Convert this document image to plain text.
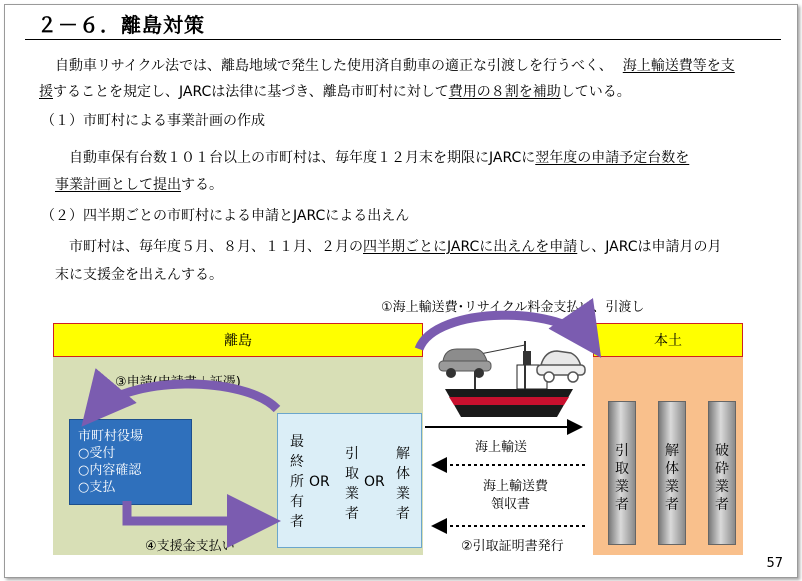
２－６．離島対策
自動車リサイクル法では、離島地域で発生した使用済自動車の適正な引渡しを行うべく、 海上輸送費等を支
援することを規定し、JARCは法律に基づき、離島市町村に対して費用の８割を補助している。
（１）市町村による事業計画の作成
自動車保有台数１０１台以上の市町村は、毎年度１２月末を期限にJARCに翌年度の申請予定台数を
事業計画として提出する。
（２）四半期ごとの市町村による申請とJARCによる出えん
市町村は、毎年度５月、８月、１１月、２月の四半期ごとにJARCに出えんを申請し、JARCは申請月の月
末に支援金を出えんする。
①海上輸送費･リサイクル料金支払い、引渡し
離島	本土
③申請(申請書＋証憑)
市町村役場
○受付
○内容確認
○支払
④支援金支払い
最終所有者
OR
引取業者
OR
解体業者
海上輸送
海上輸送費
領収書
②引取証明書発行
引取業者
解体業者
破砕業者
57
